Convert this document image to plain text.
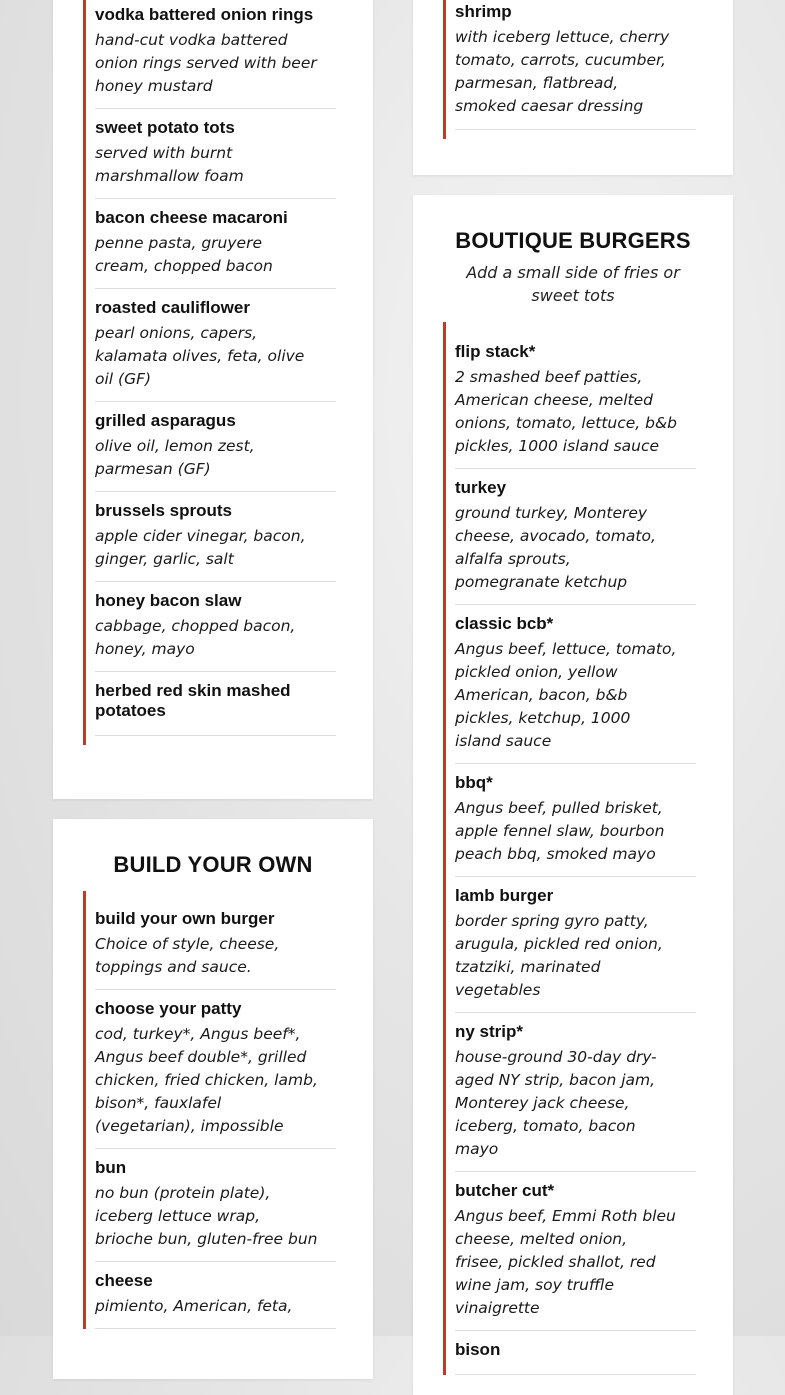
vodka battered onion rings
hand-cut vodka battered onion rings served with beer honey mustard
sweet potato tots
served with burnt marshmallow foam
bacon cheese macaroni
penne pasta, gruyere cream, chopped bacon
roasted cauliflower
pearl onions, capers, kalamata olives, feta, olive oil (GF)
grilled asparagus
olive oil, lemon zest, parmesan (GF)
brussels sprouts
apple cider vinegar, bacon, ginger, garlic, salt
honey bacon slaw
cabbage, chopped bacon, honey, mayo
herbed red skin mashed potatoes
BUILD YOUR OWN
build your own burger
Choice of style, cheese, toppings and sauce.
choose your patty
cod, turkey*, Angus beef*, Angus beef double*, grilled chicken, fried chicken, lamb, bison*, fauxlafel (vegetarian), impossible
bun
no bun (protein plate), iceberg lettuce wrap, brioche bun, gluten-free bun
cheese
pimiento, American, feta,
shrimp
with iceberg lettuce, cherry tomato, carrots, cucumber, parmesan, flatbread, smoked caesar dressing
BOUTIQUE BURGERS
Add a small side of fries or sweet tots
flip stack*
2 smashed beef patties, American cheese, melted onions, tomato, lettuce, b&b pickles, 1000 island sauce
turkey
ground turkey, Monterey cheese, avocado, tomato, alfalfa sprouts, pomegranate ketchup
classic bcb*
Angus beef, lettuce, tomato, pickled onion, yellow American, bacon, b&b pickles, ketchup, 1000 island sauce
bbq*
Angus beef, pulled brisket, apple fennel slaw, bourbon peach bbq, smoked mayo
lamb burger
border spring gyro patty, arugula, pickled red onion, tzatziki, marinated vegetables
ny strip*
house-ground 30-day dry-aged NY strip, bacon jam, Monterey jack cheese, iceberg, tomato, bacon mayo
butcher cut*
Angus beef, Emmi Roth bleu cheese, melted onion, frisee, pickled shallot, red wine jam, soy truffle vinaigrette
bison
